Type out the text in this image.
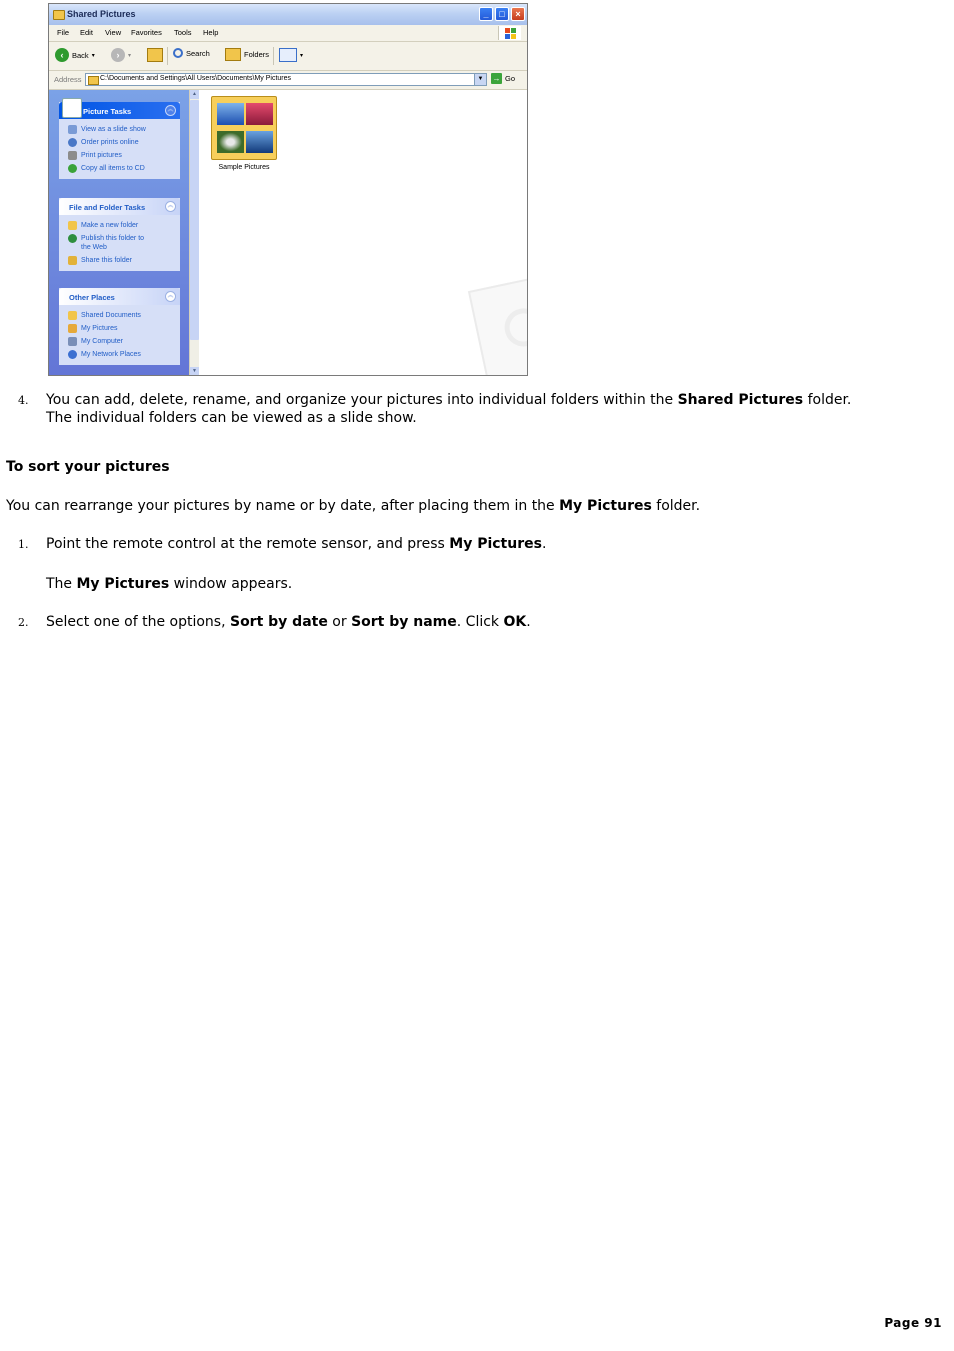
Shared Pictures	_	□	×
File Edit View Favorites Tools Help
‹	Back ▾	›	▾	Search	Folders	▾
Address	C:\Documents and Settings\All Users\Documents\My Pictures	▼	→ Go
Picture Tasks	︽
View as a slide show
Order prints online
Print pictures
Copy all items to CD
File and Folder Tasks	︽
Make a new folder
Publish this folder to the Web
Share this folder
Other Places	︽
Shared Documents
My Pictures
My Computer
My Network Places
▲
▼
Sample Pictures
4. You can add, delete, rename, and organize your pictures into individual folders within the Shared Pictures folder. The individual folders can be viewed as a slide show.
To sort your pictures
You can rearrange your pictures by name or by date, after placing them in the My Pictures folder.
1. Point the remote control at the remote sensor, and press My Pictures.
The My Pictures window appears.
2. Select one of the options, Sort by date or Sort by name. Click OK.
Page 91
